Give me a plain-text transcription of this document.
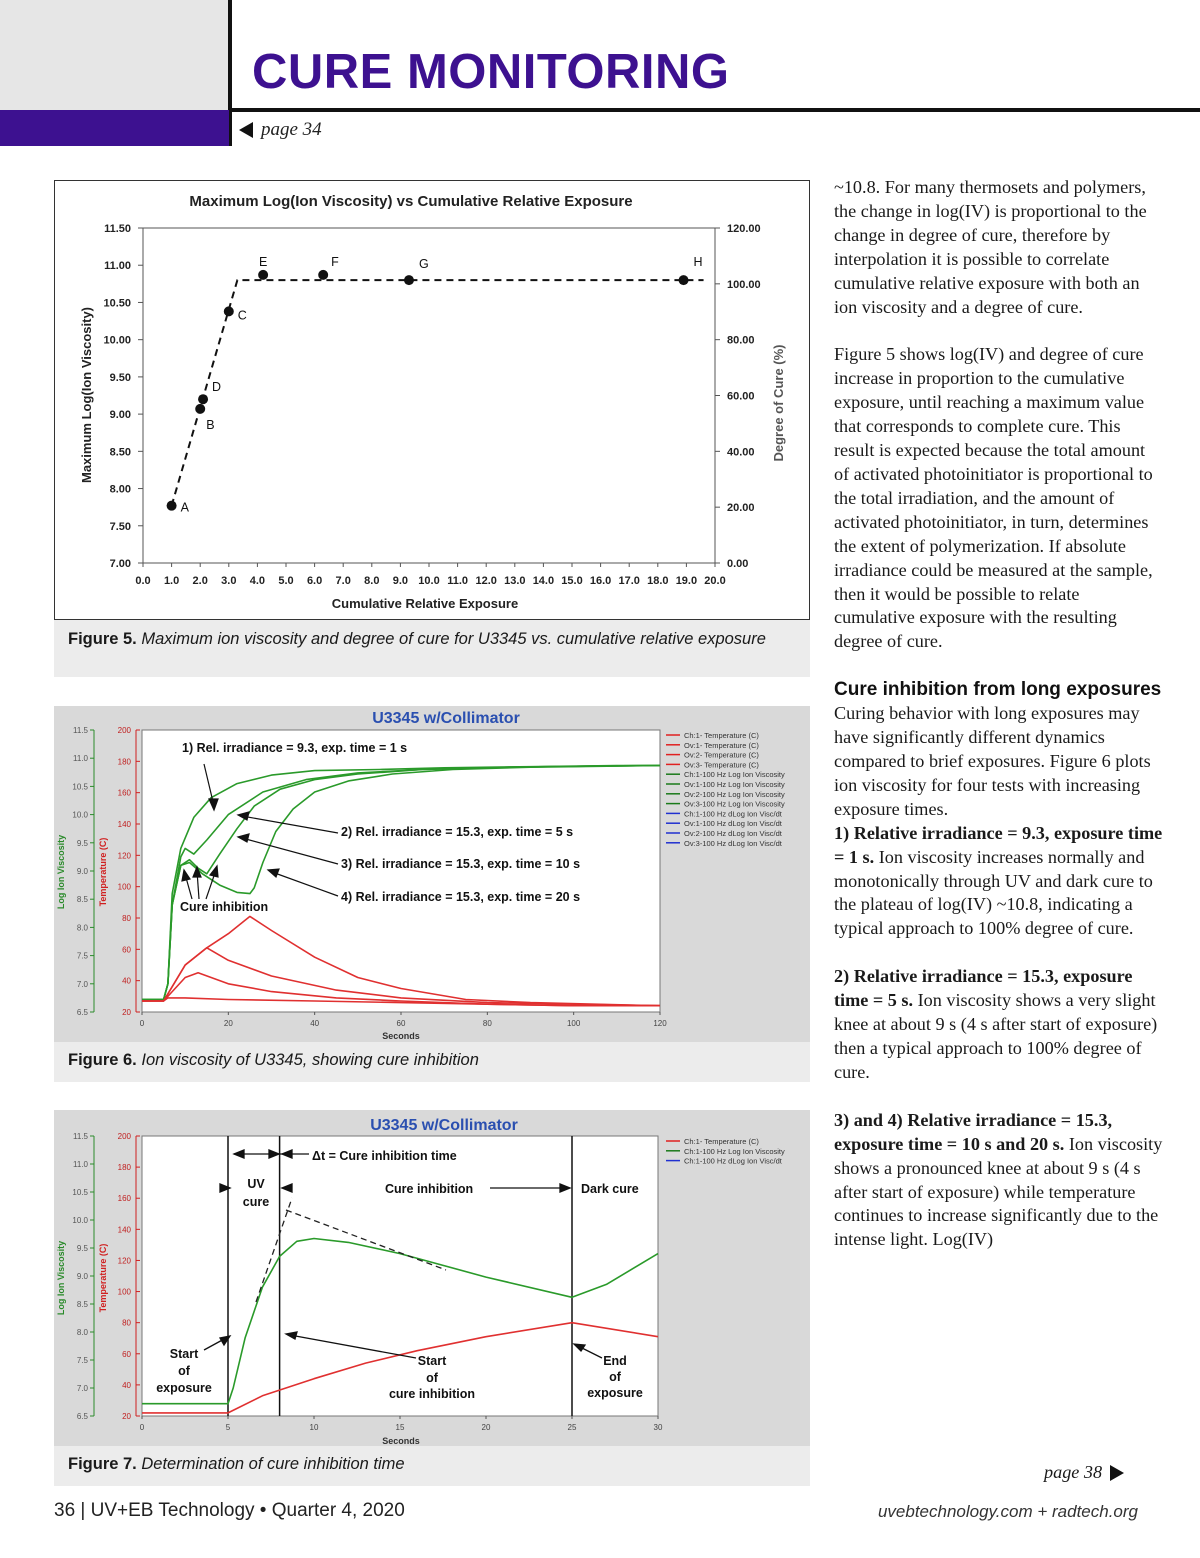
CURE MONITORING
page 34
Maximum Log(Ion Viscosity) vs Cumulative Relative Exposure
7.00
7.50
8.00
8.50
9.00
9.50
10.00
10.50
11.00
11.50
0.00
20.00
40.00
60.00
80.00
100.00
120.00
0.0 1.0 2.0 3.0 4.0 5.0 6.0 7.0 8.0 9.0 10.0 11.0 12.0 13.0 14.0 15.0 16.0 17.0 18.0 19.0 20.0
A
B
D
C
E	F	G	H
Cumulative Relative Exposure
Maximum Log(Ion Viscosity)	Degree of Cure (%)
Figure 5. Maximum ion viscosity and degree of cure for U3345 vs. cumulative relative exposure
U3345 w/Collimator
6.5
7.0
7.5
8.0
8.5
9.0
9.5
10.0
10.5
11.0
11.5
20
40
60
80
100
120
140
160
180
200
0	20	40	60	80	100	120
Ch:1- Temperature (C)
Ov:1- Temperature (C)
Ov:2- Temperature (C)
Ov:3- Temperature (C)
Ch:1-100 Hz Log Ion Viscosity
Ov:1-100 Hz Log Ion Viscosity
Ov:2-100 Hz Log Ion Viscosity
Ov:3-100 Hz Log Ion Viscosity
Ch:1-100 Hz dLog Ion Visc/dt
Ov:1-100 Hz dLog Ion Visc/dt
Ov:2-100 Hz dLog Ion Visc/dt
Ov:3-100 Hz dLog Ion Visc/dt
Seconds
Log Ion Viscosity	Temperature (C)
1) Rel. irradiance = 9.3, exp. time = 1 s
2) Rel. irradiance = 15.3, exp. time = 5 s
3) Rel. irradiance = 15.3, exp. time = 10 s
4) Rel. irradiance = 15.3, exp. time = 20 s
Cure inhibition
Figure 6. Ion viscosity of U3345, showing cure inhibition
U3345 w/Collimator
6.5
7.0
7.5
8.0
8.5
9.0
9.5
10.0
10.5
11.0
11.5
20
40
60
80
100
120
140
160
180
200
0	5	10	15	20	25	30
Ch:1- Temperature (C)
Ch:1-100 Hz Log Ion Viscosity
Ch:1-100 Hz dLog Ion Visc/dt
Seconds
Log Ion Viscosity	Temperature (C)
Δt = Cure inhibition time
UV
cure
Cure inhibition	Dark cure
Start
of
exposure
Start
of
cure inhibition
End
of
exposure
Figure 7. Determination of cure inhibition time

~10.8. For many thermosets and polymers, the change in log(IV) is proportional to the change in degree of cure, therefore by interpolation it is possible to correlate cumulative relative exposure with both an ion viscosity and a degree of cure.

Figure 5 shows log(IV) and degree of cure increase in proportion to the cumulative exposure, until reaching a maximum value that corresponds to complete cure. This result is expected because the total amount of activated photoinitiator is proportional to the total irradiation, and the amount of activated photoinitiator, in turn, determines the extent of polymerization. If absolute irradiance could be measured at the sample, then it would be possible to relate cumulative exposure with the resulting degree of cure.

Cure inhibition from long exposures

Curing behavior with long exposures may have significantly different dynamics compared to brief exposures. Figure 6 plots ion viscosity for four tests with increasing exposure times.

1) Relative irradiance = 9.3, exposure time = 1 s. Ion viscosity increases normally and monotonically through UV and dark cure to the plateau of log(IV) ~10.8, indicating a typical approach to 100% degree of cure.

2) Relative irradiance = 15.3, exposure time = 5 s. Ion viscosity shows a very slight knee at about 9 s (4 s after start of exposure) then a typical approach to 100% degree of cure.

3) and 4) Relative irradiance = 15.3, exposure time = 10 s and 20 s. Ion viscosity shows a pronounced knee at about 9 s (4 s after start of exposure) while temperature continues to increase significantly due to the intense light. Log(IV)

page 38
36 | UV+EB Technology • Quarter 4, 2020	uvebtechnology.com + radtech.org
